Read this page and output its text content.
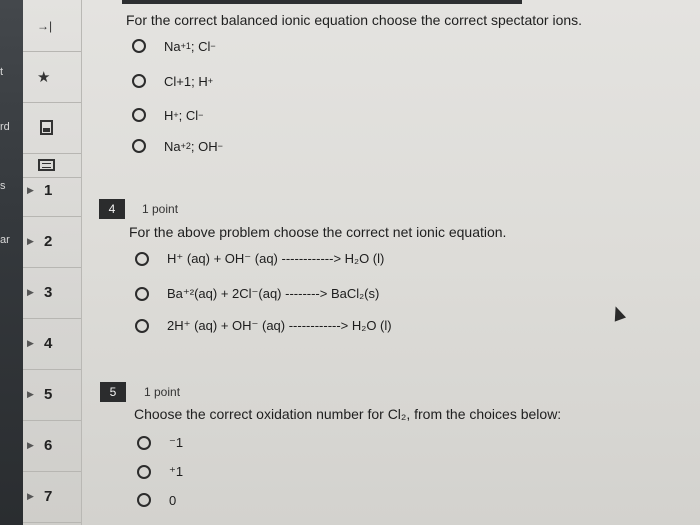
t
rd
s
ar
→|
★
▶ 1
▶ 2
▶ 3
▶ 4
▶ 5
▶ 6
▶ 7
For the correct balanced ionic equation choose the correct spectator ions.
Na +1 ; Cl −
Cl+1 ; H +
H + ; Cl −
Na +2 ; OH −
4	1 point
For the above problem choose the correct net ionic equation.
H⁺ (aq) + OH⁻ (aq) ------------> H₂O (l)
Ba⁺²(aq) + 2Cl⁻(aq) --------> BaCl₂(s)
2H⁺ (aq) + OH⁻ (aq) ------------> H₂O (l)
5	1 point
Choose the correct oxidation number for Cl₂, from the choices below:
⁻1
⁺1
0
